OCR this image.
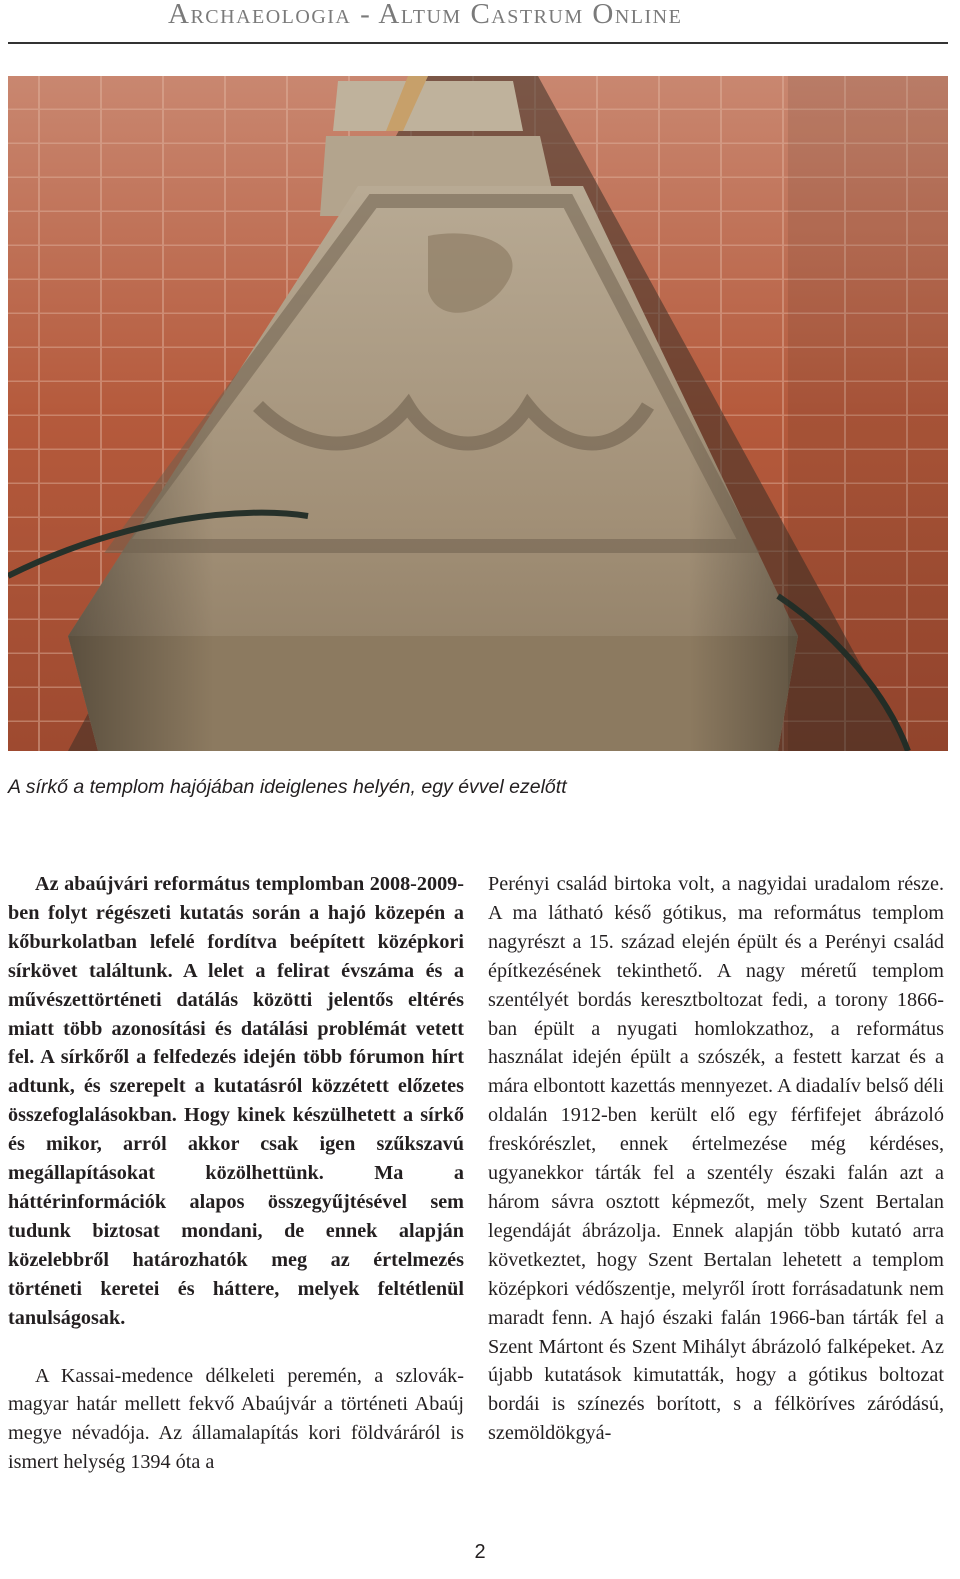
Archaeologia - Altum Castrum Online
A sírkő a templom hajójában ideiglenes helyén, egy évvel ezelőtt

Az abaújvári református templomban 2008-2009-ben folyt régészeti kutatás során a hajó közepén a kőburkolatban lefelé fordítva beépített középkori sírkövet találtunk. A lelet a felirat évszáma és a művészettörténeti datálás közötti jelentős eltérés miatt több azonosítási és datálási problémát vetett fel. A sírkőről a felfedezés idején több fórumon hírt adtunk, és szerepelt a kutatásról közzétett előzetes összefoglalásokban. Hogy kinek készülhetett a sírkő és mikor, arról akkor csak igen szűkszavú megállapításokat közölhettünk. Ma a háttérinformációk alapos összegyűjtésével sem tudunk biztosat mondani, de ennek alapján közelebbről határozhatók meg az értelmezés történeti keretei és háttere, melyek feltétlenül tanulságosak.

A Kassai-medence délkeleti peremén, a szlovák-magyar határ mellett fekvő Abaújvár a történeti Abaúj megye névadója. Az államalapítás kori földváráról is ismert helység 1394 óta a

Perényi család birtoka volt, a nagyidai uradalom része. A ma látható késő gótikus, ma református templom nagyrészt a 15. század elején épült és a Perényi család építkezésének tekinthető. A nagy méretű templom szentélyét bordás keresztboltozat fedi, a torony 1866-ban épült a nyugati homlokzathoz, a református használat idején épült a szószék, a festett karzat és a mára elbontott kazettás mennyezet. A diadalív belső déli oldalán 1912-ben került elő egy férfifejet ábrázoló freskórészlet, ennek értelmezése még kérdéses, ugyanekkor tárták fel a szentély északi falán azt a három sávra osztott képmezőt, mely Szent Bertalan legendáját ábrázolja. Ennek alapján több kutató arra következtet, hogy Szent Bertalan lehetett a templom középkori védőszentje, melyről írott forrásadatunk nem maradt fenn. A hajó északi falán 1966-ban tárták fel a Szent Mártont és Szent Mihályt ábrázoló falképeket. Az újabb kutatások kimutatták, hogy a gótikus boltozat bordái is színezés borított, s a félköríves záródású, szemöldökgyá-

2
